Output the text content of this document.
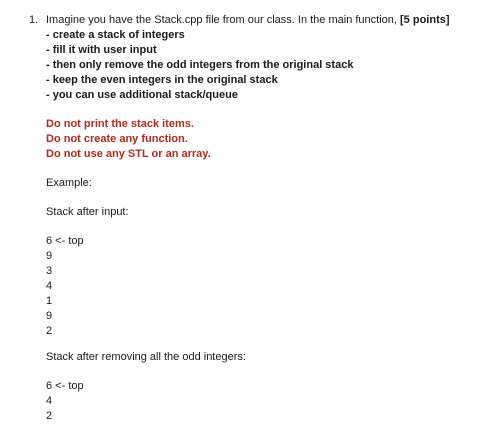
1. Imagine you have the Stack.cpp file from our class. In the main function, [5 points]
- create a stack of integers
- fill it with user input
- then only remove the odd integers from the original stack
- keep the even integers in the original stack
- you can use additional stack/queue
Do not print the stack items.
Do not create any function.
Do not use any STL or an array.
Example:
Stack after input:
6 <- top
9
3
4
1
9
2
Stack after removing all the odd integers:
6 <- top
4
2
